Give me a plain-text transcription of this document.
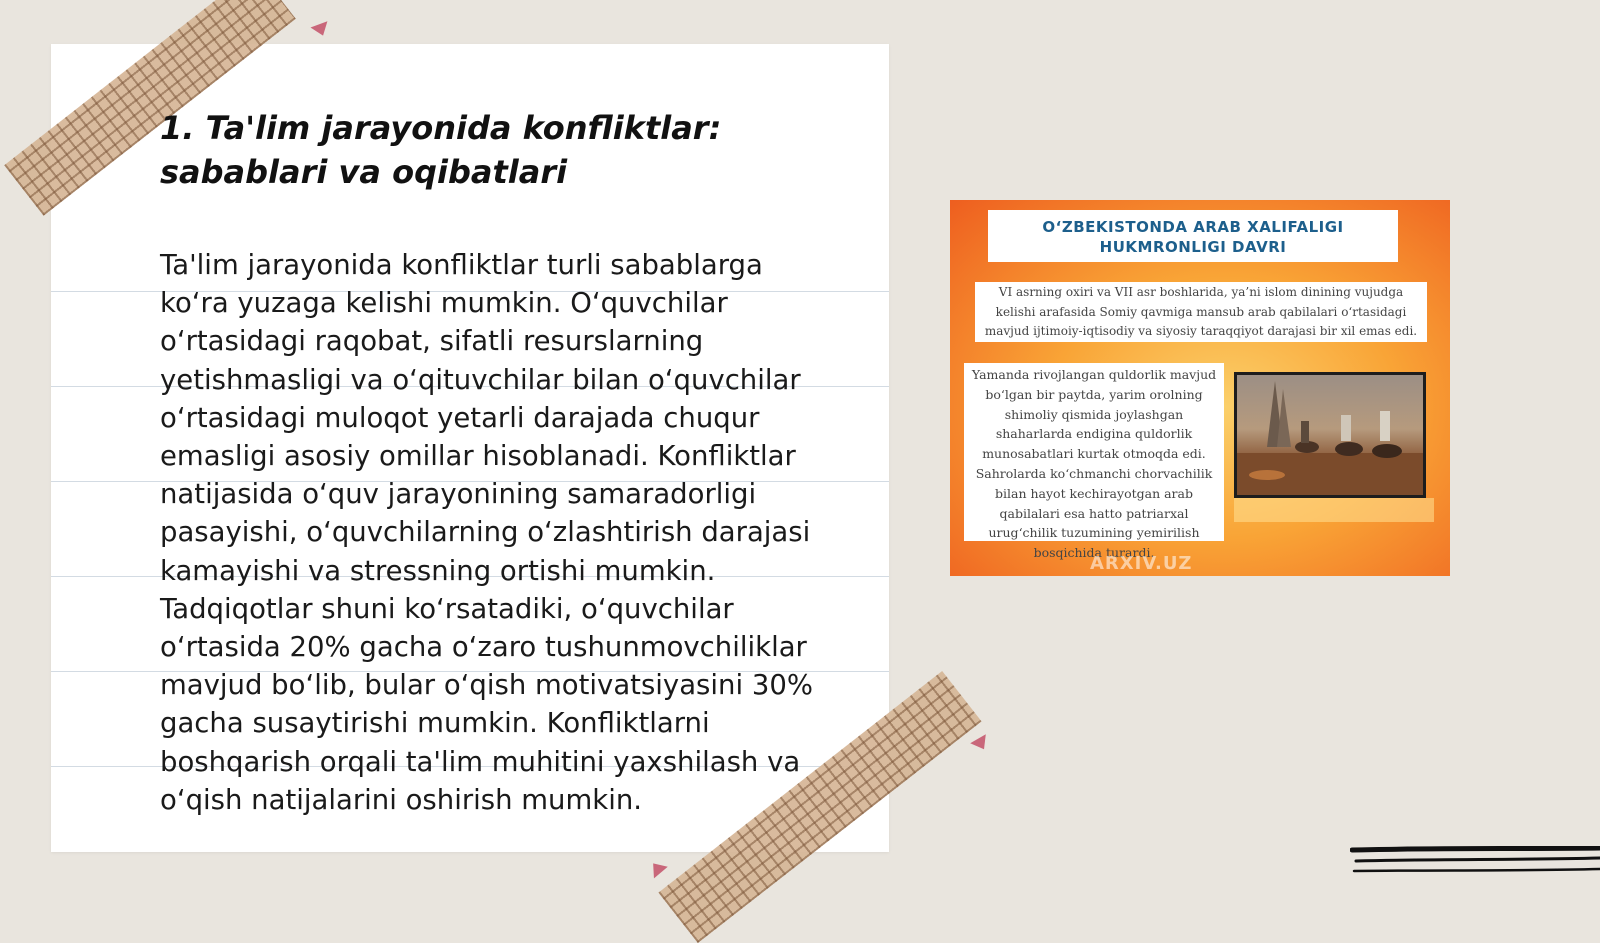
1. Ta'lim jarayonida konfliktlar: sabablari va oqibatlari

Ta'lim jarayonida konfliktlar turli sabablarga ko‘ra yuzaga kelishi mumkin. O‘quvchilar o‘rtasidagi raqobat, sifatli resurslarning yetishmasligi va o‘qituvchilar bilan o‘quvchilar o‘rtasidagi muloqot yetarli darajada chuqur emasligi asosiy omillar hisoblanadi. Konfliktlar natijasida o‘quv jarayonining samaradorligi pasayishi, o‘quvchilarning o‘zlashtirish darajasi kamayishi va stressning ortishi mumkin. Tadqiqotlar shuni ko‘rsatadiki, o‘quvchilar o‘rtasida 20% gacha o‘zaro tushunmovchiliklar mavjud bo‘lib, bular o‘qish motivatsiyasini 30% gacha susaytirishi mumkin. Konfliktlarni boshqarish orqali ta'lim muhitini yaxshilash va o‘qish natijalarini oshirish mumkin.

O‘ZBEKISTONDA ARAB XALIFALIGI HUKMRONLIGI DAVRI
VI asrning oxiri va VII asr boshlarida, ya’ni islom dinining vujudga kelishi arafasida Somiy qavmiga mansub arab qabilalari o‘rtasidagi mavjud ijtimoiy-iqtisodiy va siyosiy taraqqiyot darajasi bir xil emas edi.
Yamanda rivojlangan quldorlik mavjud bo‘lgan bir paytda, yarim orolning shimoliy qismida joylashgan shaharlarda endigina quldorlik munosabatlari kurtak otmoqda edi. Sahrolarda ko‘chmanchi chorvachilik bilan hayot kechirayotgan arab qabilalari esa hatto patriarxal urug‘chilik tuzumining yemirilish bosqichida turardi.
ARXIV.UZ
